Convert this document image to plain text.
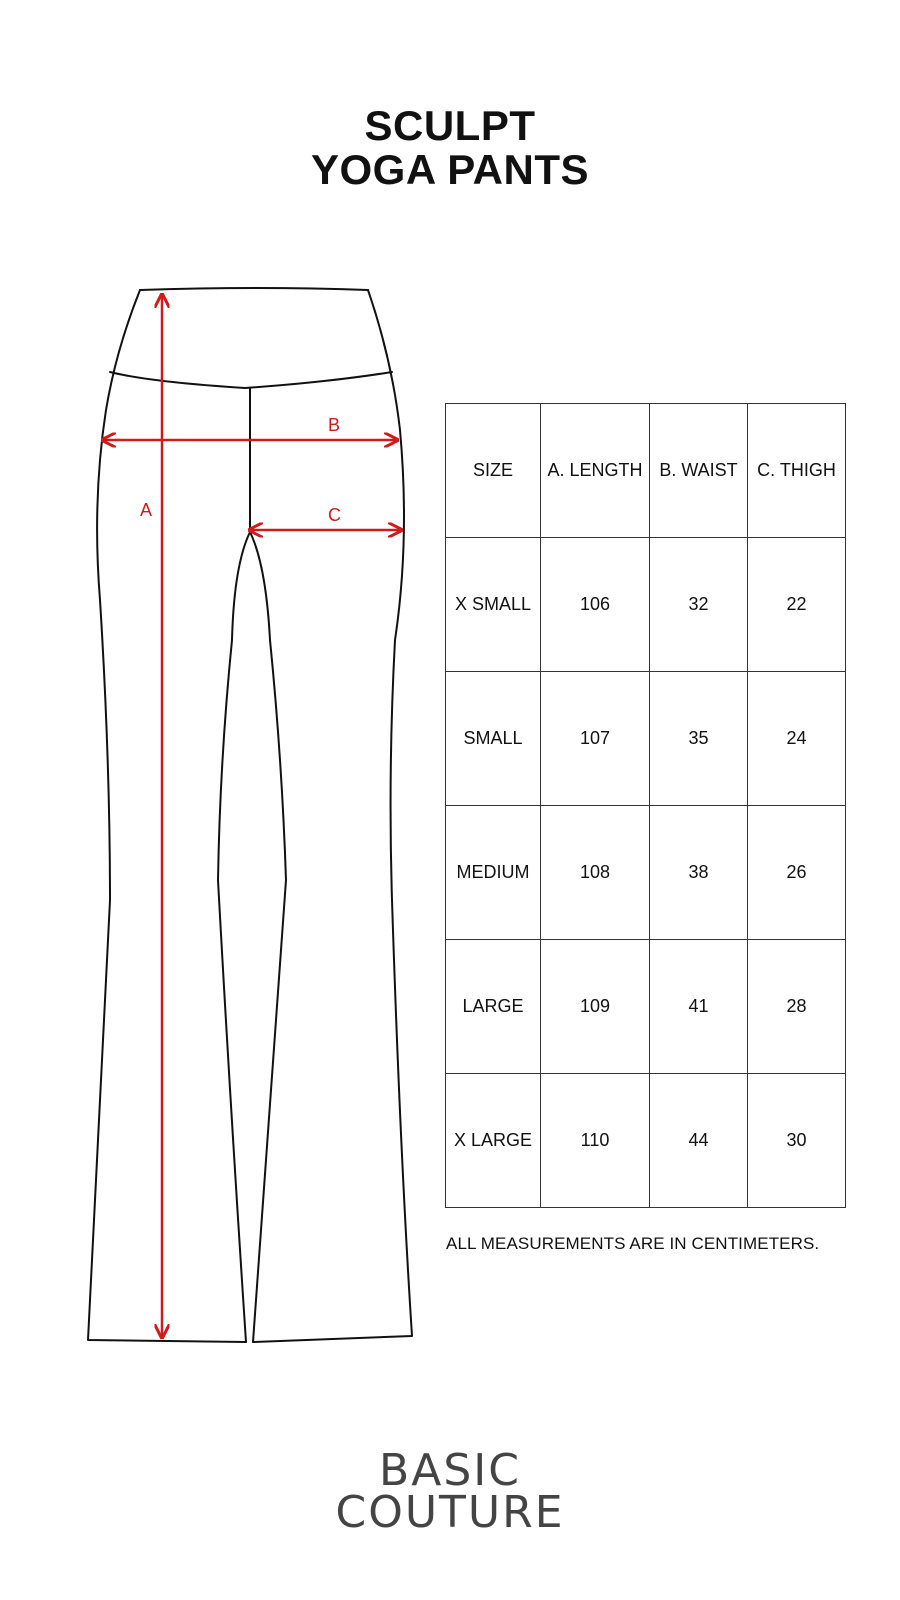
SCULPT
YOGA PANTS
A
B
C
SIZE	A. LENGTH	B. WAIST	C. THIGH
X SMALL	106	32	22
SMALL	107	35	24
MEDIUM	108	38	26
LARGE	109	41	28
X LARGE	110	44	30
ALL MEASUREMENTS ARE IN CENTIMETERS.
BASIC
COUTURE
